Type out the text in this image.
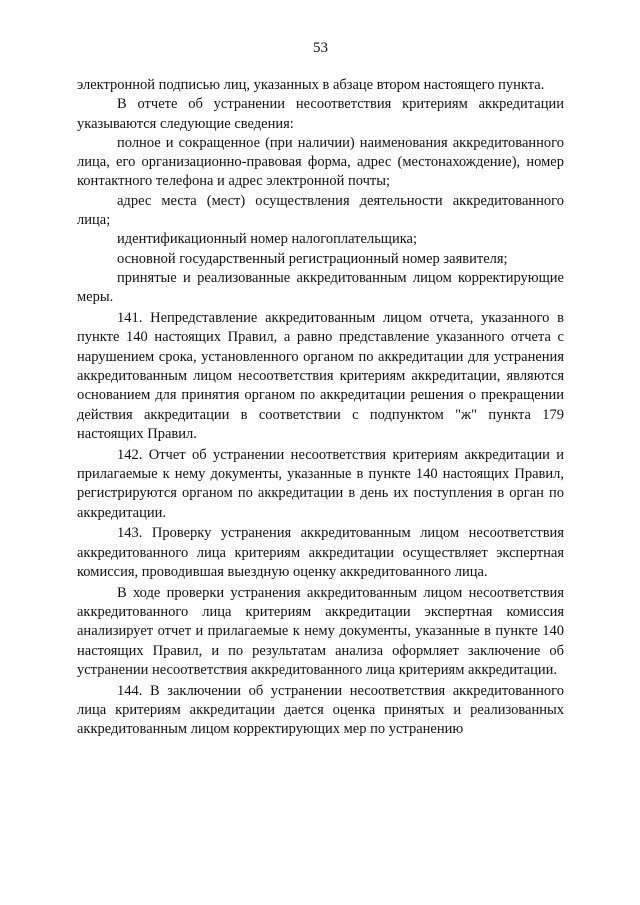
53

электронной подписью лиц, указанных в абзаце втором настоящего пункта.

В отчете об устранении несоответствия критериям аккредитации указываются следующие сведения:

полное и сокращенное (при наличии) наименования аккредитованного лица, его организационно-правовая форма, адрес (местонахождение), номер контактного телефона и адрес электронной почты;

адрес места (мест) осуществления деятельности аккредитованного лица;

идентификационный номер налогоплательщика;

основной государственный регистрационный номер заявителя;

принятые и реализованные аккредитованным лицом корректирующие меры.

141. Непредставление аккредитованным лицом отчета, указанного в пункте 140 настоящих Правил, а равно представление указанного отчета с нарушением срока, установленного органом по аккредитации для устранения аккредитованным лицом несоответствия критериям аккредитации, являются основанием для принятия органом по аккредитации решения о прекращении действия аккредитации в соответствии с подпунктом "ж" пункта 179 настоящих Правил.

142. Отчет об устранении несоответствия критериям аккредитации и прилагаемые к нему документы, указанные в пункте 140 настоящих Правил, регистрируются органом по аккредитации в день их поступления в орган по аккредитации.

143. Проверку устранения аккредитованным лицом несоответствия аккредитованного лица критериям аккредитации осуществляет экспертная комиссия, проводившая выездную оценку аккредитованного лица.

В ходе проверки устранения аккредитованным лицом несоответствия аккредитованного лица критериям аккредитации экспертная комиссия анализирует отчет и прилагаемые к нему документы, указанные в пункте 140 настоящих Правил, и по результатам анализа оформляет заключение об устранении несоответствия аккредитованного лица критериям аккредитации.

144. В заключении об устранении несоответствия аккредитованного лица критериям аккредитации дается оценка принятых и реализованных аккредитованным лицом корректирующих мер по устранению
